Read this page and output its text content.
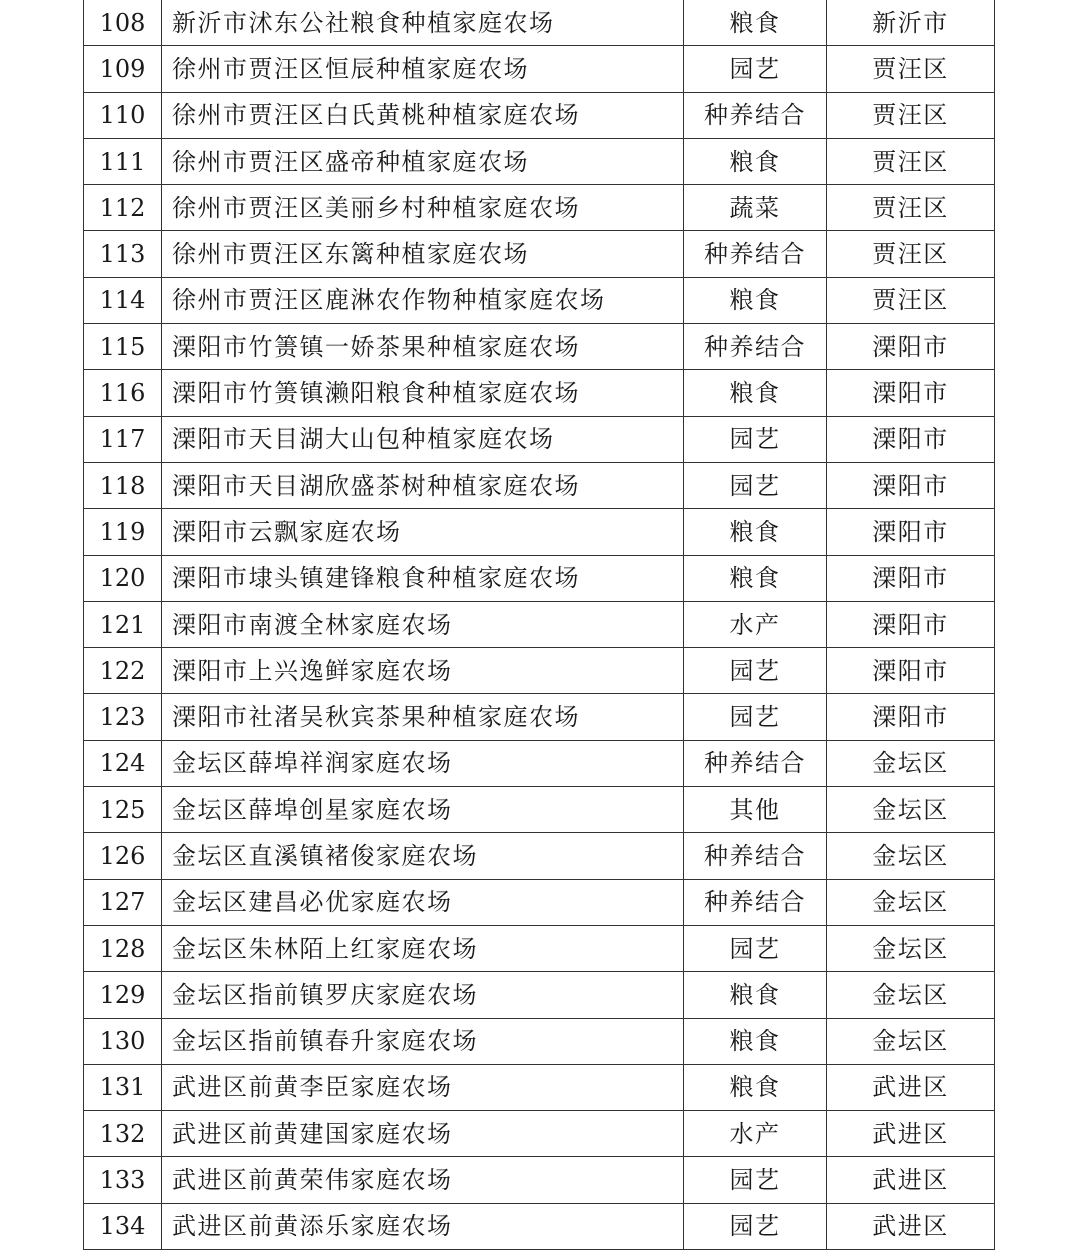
108	新沂市沭东公社粮食种植家庭农场	粮食	新沂市
109	徐州市贾汪区恒辰种植家庭农场	园艺	贾汪区
110	徐州市贾汪区白氏黄桃种植家庭农场	种养结合	贾汪区
111	徐州市贾汪区盛帝种植家庭农场	粮食	贾汪区
112	徐州市贾汪区美丽乡村种植家庭农场	蔬菜	贾汪区
113	徐州市贾汪区东篱种植家庭农场	种养结合	贾汪区
114	徐州市贾汪区鹿淋农作物种植家庭农场	粮食	贾汪区
115	溧阳市竹箦镇一娇茶果种植家庭农场	种养结合	溧阳市
116	溧阳市竹箦镇濑阳粮食种植家庭农场	粮食	溧阳市
117	溧阳市天目湖大山包种植家庭农场	园艺	溧阳市
118	溧阳市天目湖欣盛茶树种植家庭农场	园艺	溧阳市
119	溧阳市云飘家庭农场	粮食	溧阳市
120	溧阳市埭头镇建锋粮食种植家庭农场	粮食	溧阳市
121	溧阳市南渡全林家庭农场	水产	溧阳市
122	溧阳市上兴逸鲜家庭农场	园艺	溧阳市
123	溧阳市社渚吴秋宾茶果种植家庭农场	园艺	溧阳市
124	金坛区薛埠祥润家庭农场	种养结合	金坛区
125	金坛区薛埠创星家庭农场	其他	金坛区
126	金坛区直溪镇褚俊家庭农场	种养结合	金坛区
127	金坛区建昌必优家庭农场	种养结合	金坛区
128	金坛区朱林陌上红家庭农场	园艺	金坛区
129	金坛区指前镇罗庆家庭农场	粮食	金坛区
130	金坛区指前镇春升家庭农场	粮食	金坛区
131	武进区前黄李臣家庭农场	粮食	武进区
132	武进区前黄建国家庭农场	水产	武进区
133	武进区前黄荣伟家庭农场	园艺	武进区
134	武进区前黄添乐家庭农场	园艺	武进区
